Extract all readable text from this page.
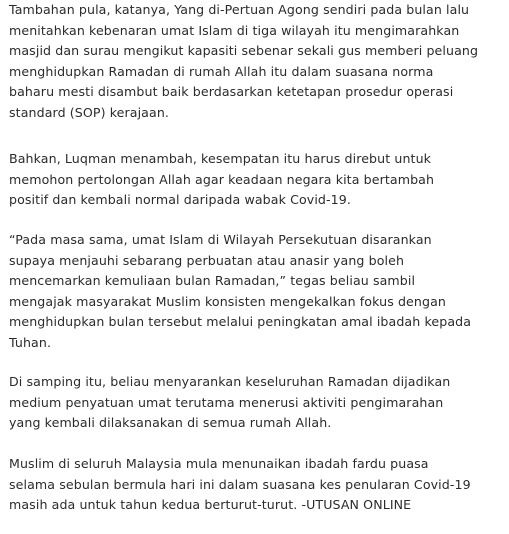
Tambahan pula, katanya, Yang di-Pertuan Agong sendiri pada bulan lalu
menitahkan kebenaran umat Islam di tiga wilayah itu mengimarahkan
masjid dan surau mengikut kapasiti sebenar sekali gus memberi peluang
menghidupkan Ramadan di rumah Allah itu dalam suasana norma
baharu mesti disambut baik berdasarkan ketetapan prosedur operasi
standard (SOP) kerajaan.
Bahkan, Luqman menambah, kesempatan itu harus direbut untuk
memohon pertolongan Allah agar keadaan negara kita bertambah
positif dan kembali normal daripada wabak Covid-19.
“Pada masa sama, umat Islam di Wilayah Persekutuan disarankan
supaya menjauhi sebarang perbuatan atau anasir yang boleh
mencemarkan kemuliaan bulan Ramadan,” tegas beliau sambil
mengajak masyarakat Muslim konsisten mengekalkan fokus dengan
menghidupkan bulan tersebut melalui peningkatan amal ibadah kepada
Tuhan.
Di samping itu, beliau menyarankan keseluruhan Ramadan dijadikan
medium penyatuan umat terutama menerusi aktiviti pengimarahan
yang kembali dilaksanakan di semua rumah Allah.
Muslim di seluruh Malaysia mula menunaikan ibadah fardu puasa
selama sebulan bermula hari ini dalam suasana kes penularan Covid-19
masih ada untuk tahun kedua berturut-turut. -UTUSAN ONLINE
